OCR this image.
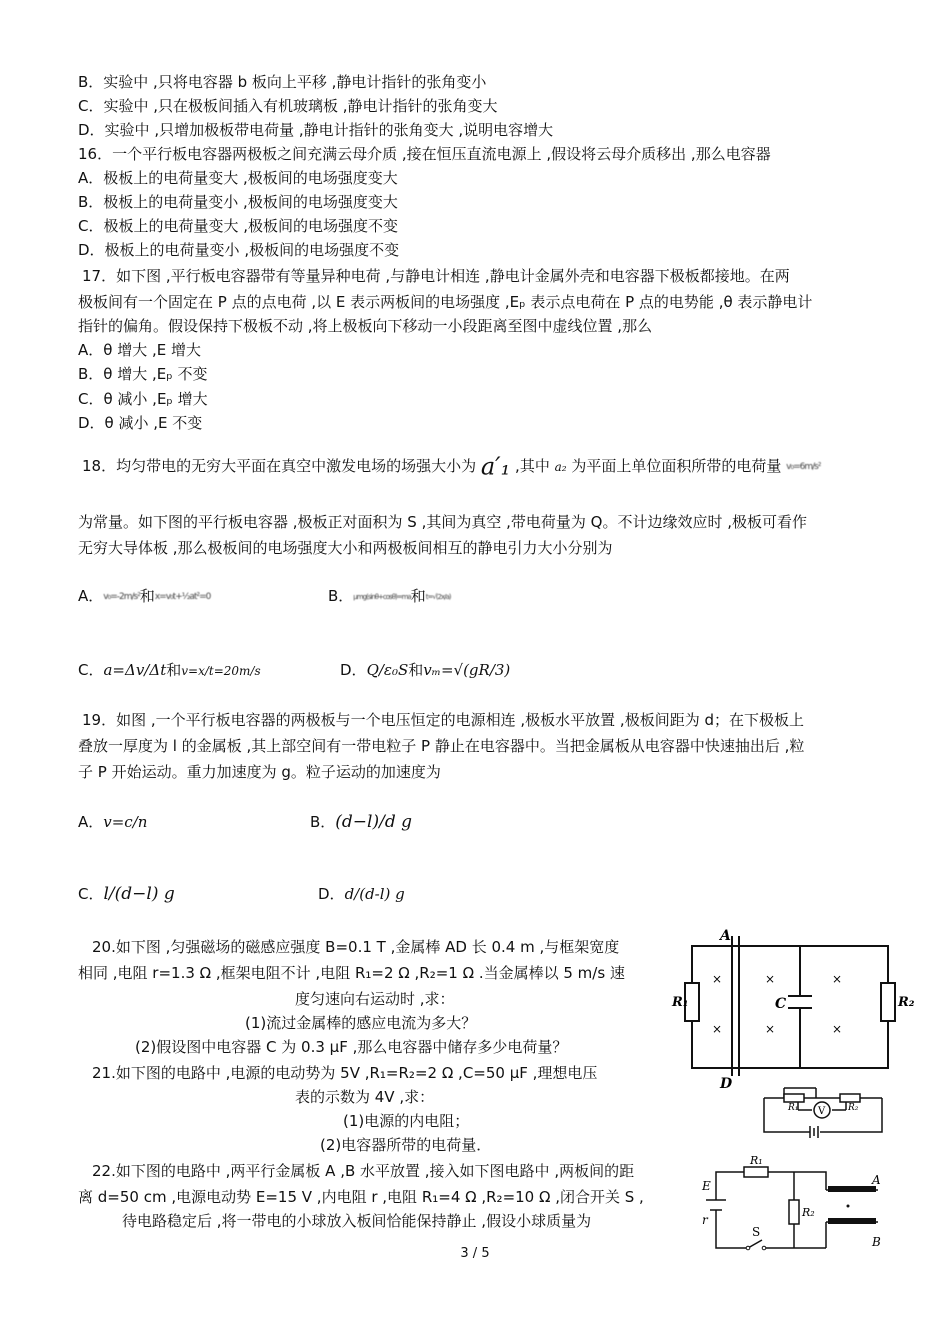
B．实验中 ,只将电容器 b 板向上平移 ,静电计指针的张角变小
C．实验中 ,只在极板间插入有机玻璃板 ,静电计指针的张角变大
D．实验中 ,只增加极板带电荷量 ,静电计指针的张角变大 ,说明电容增大
16．一个平行板电容器两极板之间充满云母介质 ,接在恒压直流电源上 ,假设将云母介质移出 ,那么电容器
A．极板上的电荷量变大 ,极板间的电场强度变大
B．极板上的电荷量变小 ,极板间的电场强度变大
C．极板上的电荷量变大 ,极板间的电场强度不变
D．极板上的电荷量变小 ,极板间的电场强度不变
17．如下图 ,平行板电容器带有等量异种电荷 ,与静电计相连 ,静电计金属外壳和电容器下极板都接地。在两
极板间有一个固定在 P 点的点电荷 ,以 E 表示两板间的电场强度 ,Eₚ 表示点电荷在 P 点的电势能 ,θ 表示静电计
指针的偏角。假设保持下极板不动 ,将上极板向下移动一小段距离至图中虚线位置 ,那么
A．θ 增大 ,E 增大
B．θ 增大 ,Eₚ 不变
C．θ 减小 ,Eₚ 增大
D．θ 减小 ,E 不变
18．均匀带电的无穷大平面在真空中激发电场的场强大小为 a′₁ ,其中 a₂ 为平面上单位面积所带的电荷量 v₀=6m/s²
为常量。如下图的平行板电容器 ,极板正对面积为 S ,其间为真空 ,带电荷量为 Q。不计边缘效应时 ,极板可看作
无穷大导体板 ,那么极板间的电场强度大小和两极板间相互的静电引力大小分别为
A．v₀=-2m/s²和x=v₀t+½at²=0	B．μmg(sinθ+cosθ)=ma和t=√(2x/a)
C．a=Δv/Δt和v=x/t=20m/s	D．Q/ε₀S和vₘ=√(gR/3)
19．如图 ,一个平行板电容器的两极板与一个电压恒定的电源相连 ,极板水平放置 ,极板间距为 d；在下极板上
叠放一厚度为 l 的金属板 ,其上部空间有一带电粒子 P 静止在电容器中。当把金属板从电容器中快速抽出后 ,粒
子 P 开始运动。重力加速度为 g。粒子运动的加速度为
A．v=c/n	B．(d−l)/d g
C．l/(d−l) g	D．d/(d-l) g
20.如下图 ,匀强磁场的磁感应强度 B=0.1 T ,金属棒 AD 长 0.4 m ,与框架宽度
相同 ,电阻 r=1.3 Ω ,框架电阻不计 ,电阻 R₁=2 Ω ,R₂=1 Ω .当金属棒以 5 m/s 速
度匀速向右运动时 ,求：
(1)流过金属棒的感应电流为多大？
(2)假设图中电容器 C 为 0.3 μF ,那么电容器中储存多少电荷量？
21.如下图的电路中 ,电源的电动势为 5V ,R₁=R₂=2 Ω ,C=50 μF ,理想电压
表的示数为 4V ,求：
(1)电源的内电阻；
(2)电容器所带的电荷量．
22.如下图的电路中 ,两平行金属板 A ,B 水平放置 ,接入如下图电路中 ,两板间的距
离 d=50 cm ,电源电动势 E=15 V ,内电阻 r ,电阻 R₁=4 Ω ,R₂=10 Ω ,闭合开关 S ,
待电路稳定后 ,将一带电的小球放入板间恰能保持静止 ,假设小球质量为
A
D
R₁	R₂
C
×
×
×
×
×
×
V
R₁	R₂
R₁
R₂
E
r
S
A
B
3 / 5
